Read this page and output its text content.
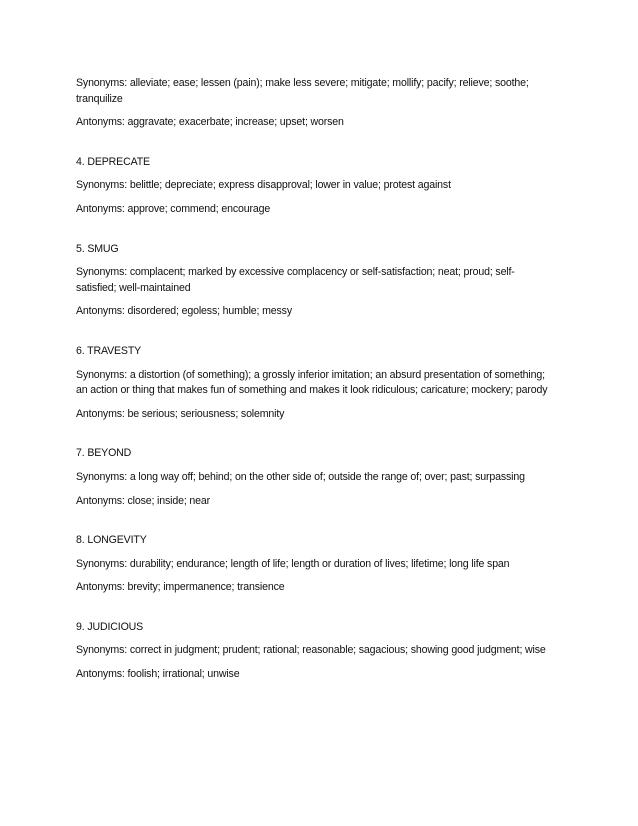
Synonyms: alleviate; ease; lessen (pain); make less severe; mitigate; mollify; pacify; relieve; soothe; tranquilize

Antonyms: aggravate; exacerbate; increase; upset; worsen

4. DEPRECATE

Synonyms: belittle; depreciate; express disapproval; lower in value; protest against

Antonyms: approve; commend; encourage

5. SMUG

Synonyms: complacent; marked by excessive complacency or self-satisfaction; neat; proud; self-satisfied; well-maintained

Antonyms: disordered; egoless; humble; messy

6. TRAVESTY

Synonyms: a distortion (of something); a grossly inferior imitation; an absurd presentation of something; an action or thing that makes fun of something and makes it look ridiculous; caricature; mockery; parody

Antonyms: be serious; seriousness; solemnity

7. BEYOND

Synonyms: a long way off; behind; on the other side of; outside the range of; over; past; surpassing

Antonyms: close; inside; near

8. LONGEVITY

Synonyms: durability; endurance; length of life; length or duration of lives; lifetime; long life span

Antonyms: brevity; impermanence; transience

9. JUDICIOUS

Synonyms: correct in judgment; prudent; rational; reasonable; sagacious; showing good judgment; wise

Antonyms: foolish; irrational; unwise
